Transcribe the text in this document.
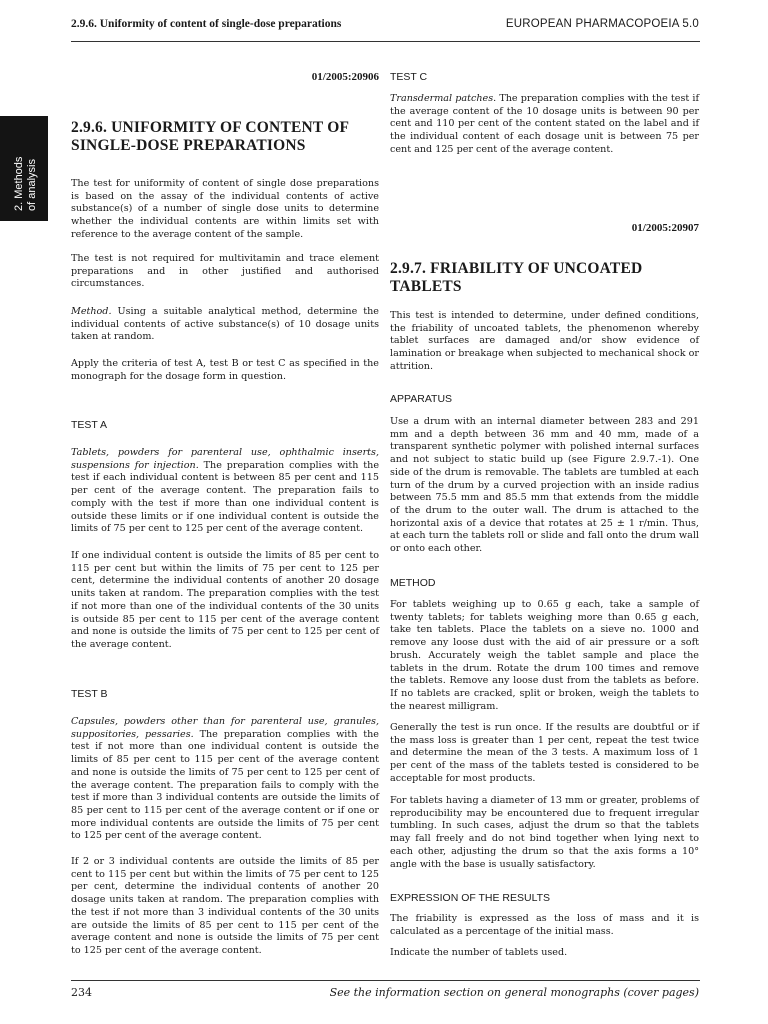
2.9.6. Uniformity of content of single-dose preparations	EUROPEAN PHARMACOPOEIA 5.0
2. Methods of analysis
01/2005:20906
2.9.6. UNIFORMITY OF CONTENT OF
SINGLE-DOSE PREPARATIONS

The test for uniformity of content of single dose preparations is based on the assay of the individual contents of active substance(s) of a number of single dose units to determine whether the individual contents are within limits set with reference to the average content of the sample.

The test is not required for multivitamin and trace element preparations and in other justified and authorised circumstances.

Method. Using a suitable analytical method, determine the individual contents of active substance(s) of 10 dosage units taken at random.

Apply the criteria of test A, test B or test C as specified in the monograph for the dosage form in question.

TEST A

Tablets, powders for parenteral use, ophthalmic inserts, suspensions for injection. The preparation complies with the test if each individual content is between 85 per cent and 115 per cent of the average content. The preparation fails to comply with the test if more than one individual content is outside these limits or if one individual content is outside the limits of 75 per cent to 125 per cent of the average content.

If one individual content is outside the limits of 85 per cent to 115 per cent but within the limits of 75 per cent to 125 per cent, determine the individual contents of another 20 dosage units taken at random. The preparation complies with the test if not more than one of the individual contents of the 30 units is outside 85 per cent to 115 per cent of the average content and none is outside the limits of 75 per cent to 125 per cent of the average content.

TEST B

Capsules, powders other than for parenteral use, granules, suppositories, pessaries. The preparation complies with the test if not more than one individual content is outside the limits of 85 per cent to 115 per cent of the average content and none is outside the limits of 75 per cent to 125 per cent of the average content. The preparation fails to comply with the test if more than 3 individual contents are outside the limits of 85 per cent to 115 per cent of the average content or if one or more individual contents are outside the limits of 75 per cent to 125 per cent of the average content.

If 2 or 3 individual contents are outside the limits of 85 per cent to 115 per cent but within the limits of 75 per cent to 125 per cent, determine the individual contents of another 20 dosage units taken at random. The preparation complies with the test if not more than 3 individual contents of the 30 units are outside the limits of 85 per cent to 115 per cent of the average content and none is outside the limits of 75 per cent to 125 per cent of the average content.

TEST C

Transdermal patches. The preparation complies with the test if the average content of the 10 dosage units is between 90 per cent and 110 per cent of the content stated on the label and if the individual content of each dosage unit is between 75 per cent and 125 per cent of the average content.

01/2005:20907
2.9.7. FRIABILITY OF UNCOATED
TABLETS

This test is intended to determine, under defined conditions, the friability of uncoated tablets, the phenomenon whereby tablet surfaces are damaged and/or show evidence of lamination or breakage when subjected to mechanical shock or attrition.

APPARATUS

Use a drum with an internal diameter between 283 and 291 mm and a depth between 36 mm and 40 mm, made of a transparent synthetic polymer with polished internal surfaces and not subject to static build up (see Figure 2.9.7.-1). One side of the drum is removable. The tablets are tumbled at each turn of the drum by a curved projection with an inside radius between 75.5 mm and 85.5 mm that extends from the middle of the drum to the outer wall. The drum is attached to the horizontal axis of a device that rotates at 25 ± 1 r/min. Thus, at each turn the tablets roll or slide and fall onto the drum wall or onto each other.

METHOD

For tablets weighing up to 0.65 g each, take a sample of twenty tablets; for tablets weighing more than 0.65 g each, take ten tablets. Place the tablets on a sieve no. 1000 and remove any loose dust with the aid of air pressure or a soft brush. Accurately weigh the tablet sample and place the tablets in the drum. Rotate the drum 100 times and remove the tablets. Remove any loose dust from the tablets as before. If no tablets are cracked, split or broken, weigh the tablets to the nearest milligram.

Generally the test is run once. If the results are doubtful or if the mass loss is greater than 1 per cent, repeat the test twice and determine the mean of the 3 tests. A maximum loss of 1 per cent of the mass of the tablets tested is considered to be acceptable for most products.

For tablets having a diameter of 13 mm or greater, problems of reproducibility may be encountered due to frequent irregular tumbling. In such cases, adjust the drum so that the tablets may fall freely and do not bind together when lying next to each other, adjusting the drum so that the axis forms a 10° angle with the base is usually satisfactory.

EXPRESSION OF THE RESULTS

The friability is expressed as the loss of mass and it is calculated as a percentage of the initial mass.

Indicate the number of tablets used.

234	See the information section on general monographs (cover pages)
